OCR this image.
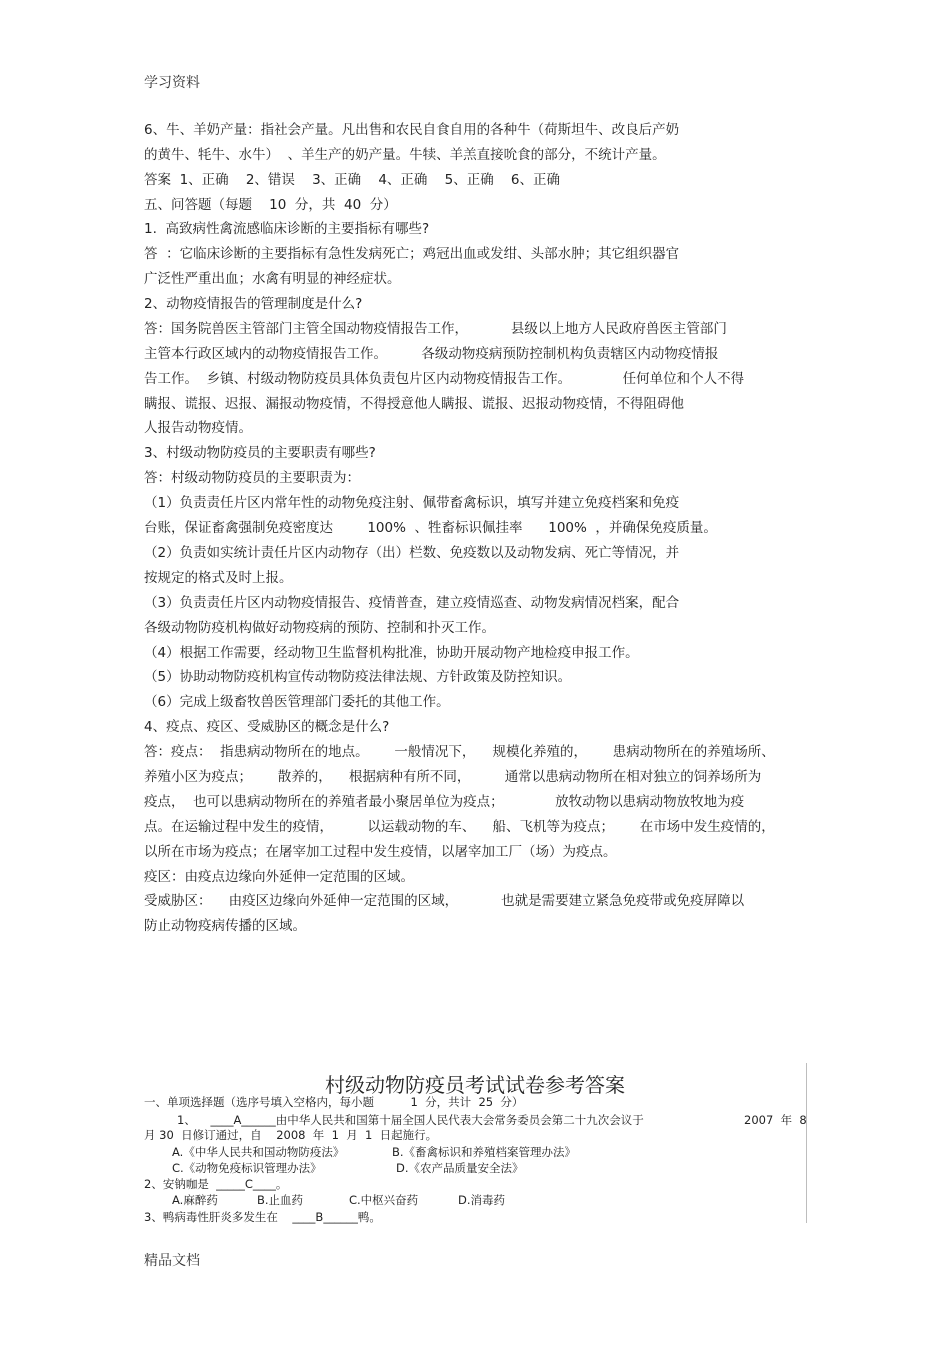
学习资料
6、牛、羊奶产量：指社会产量。凡出售和农民自食自用的各种牛（荷斯坦牛、改良后产奶
的黄牛、牦牛、水牛）  、羊生产的奶产量。牛犊、羊羔直接吮食的部分，不统计产量。
答案  1、正确    2、错误    3、正确    4、正确    5、正确    6、正确
五、问答题（每题    10  分，共  40  分）
1.  高致病性禽流感临床诊断的主要指标有哪些?
答  ：它临床诊断的主要指标有急性发病死亡；鸡冠出血或发绀、头部水肿；其它组织器官
广泛性严重出血；水禽有明显的神经症状。
2、动物疫情报告的管理制度是什么?
答：国务院兽医主管部门主管全国动物疫情报告工作，          县级以上地方人民政府兽医主管部门
主管本行政区域内的动物疫情报告工作。        各级动物疫病预防控制机构负责辖区内动物疫情报
告工作。  乡镇、村级动物防疫员具体负责包片区内动物疫情报告工作。            任何单位和个人不得
瞒报、谎报、迟报、漏报动物疫情，不得授意他人瞒报、谎报、迟报动物疫情，不得阻碍他
人报告动物疫情。
3、村级动物防疫员的主要职责有哪些?
答：村级动物防疫员的主要职责为：
（1）负责责任片区内常年性的动物免疫注射、佩带畜禽标识，填写并建立免疫档案和免疫
台账，保证畜禽强制免疫密度达        100%  、牲畜标识佩挂率      100%  ，并确保免疫质量。
（2）负责如实统计责任片区内动物存（出）栏数、免疫数以及动物发病、死亡等情况，并
按规定的格式及时上报。
（3）负责责任片区内动物疫情报告、疫情普查，建立疫情巡查、动物发病情况档案，配合
各级动物防疫机构做好动物疫病的预防、控制和扑灭工作。
（4）根据工作需要，经动物卫生监督机构批准，协助开展动物产地检疫申报工作。
（5）协助动物防疫机构宣传动物防疫法律法规、方针政策及防控知识。
（6）完成上级畜牧兽医管理部门委托的其他工作。
4、疫点、疫区、受威胁区的概念是什么?
答：疫点：  指患病动物所在的地点。      一般情况下，    规模化养殖的，      患病动物所在的养殖场所、
养殖小区为疫点；      散养的，    根据病种有所不同，        通常以患病动物所在相对独立的饲养场所为
疫点，  也可以患病动物所在的养殖者最小聚居单位为疫点；            放牧动物以患病动物放牧地为疫
点。在运输过程中发生的疫情，        以运载动物的车、    船、飞机等为疫点；      在市场中发生疫情的，
以所在市场为疫点；在屠宰加工过程中发生疫情，以屠宰加工厂（场）为疫点。
疫区：由疫点边缘向外延伸一定范围的区域。
受威胁区：    由疫区边缘向外延伸一定范围的区域，          也就是需要建立紧急免疫带或免疫屏障以
防止动物疫病传播的区域。
村级动物防疫员考试试卷参考答案
一、单项选择题（选序号填入空格内，每小题          1  分，共计  25  分）
1、    ____A______由中华人民共和国第十届全国人民代表大会常务委员会第二十九次会议于	2007  年  8
月 30  日修订通过，自    2008  年  1  月  1  日起施行。
A.《中华人民共和国动物防疫法》	B.《畜禽标识和养殖档案管理办法》
C.《动物免疫标识管理办法》	D.《农产品质量安全法》
2、安钠咖是  _____C____。
A.麻醉药	B.止血药	C.中枢兴奋药	D.消毒药
3、鸭病毒性肝炎多发生在    ____B______鸭。
精品文档
